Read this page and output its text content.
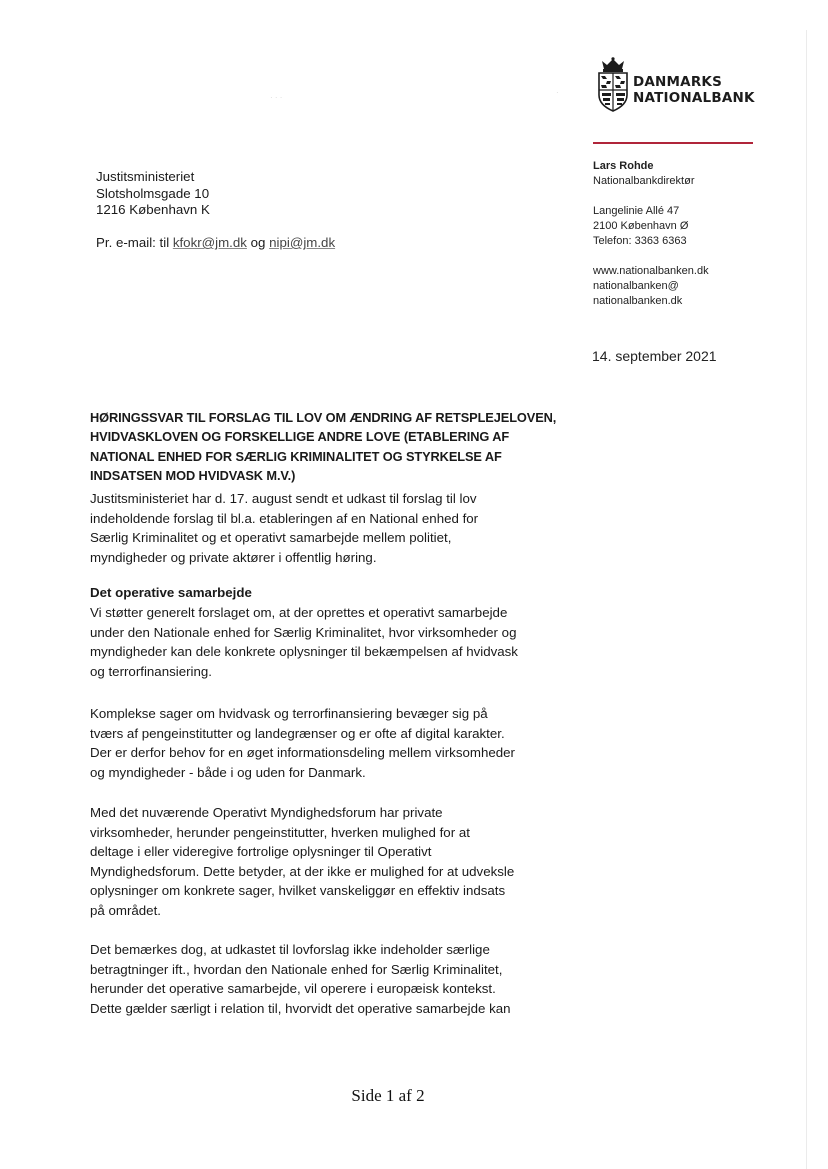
· · ·
·
DANMARKS
NATIONALBANK
Lars Rohde
Nationalbankdirektør
Langelinie Allé 47
2100 København Ø
Telefon: 3363 6363
www.nationalbanken.dk
nationalbanken@
nationalbanken.dk
14. september 2021
Justitsministeriet
Slotsholmsgade 10
1216 København K
Pr. e-mail: til kfokr@jm.dk og nipi@jm.dk
HØRINGSSVAR TIL FORSLAG TIL LOV OM ÆNDRING AF RETSPLEJELOVEN,
HVIDVASKLOVEN OG FORSKELLIGE ANDRE LOVE (ETABLERING AF
NATIONAL ENHED FOR SÆRLIG KRIMINALITET OG STYRKELSE AF
INDSATSEN MOD HVIDVASK M.V.)
Justitsministeriet har d. 17. august sendt et udkast til forslag til lov
indeholdende forslag til bl.a. etableringen af en National enhed for
Særlig Kriminalitet og et operativt samarbejde mellem politiet,
myndigheder og private aktører i offentlig høring.
Det operative samarbejde
Vi støtter generelt forslaget om, at der oprettes et operativt samarbejde
under den Nationale enhed for Særlig Kriminalitet, hvor virksomheder og
myndigheder kan dele konkrete oplysninger til bekæmpelsen af hvidvask
og terrorfinansiering.
Komplekse sager om hvidvask og terrorfinansiering bevæger sig på
tværs af pengeinstitutter og landegrænser og er ofte af digital karakter.
Der er derfor behov for en øget informationsdeling mellem virksomheder
og myndigheder - både i og uden for Danmark.
Med det nuværende Operativt Myndighedsforum har private
virksomheder, herunder pengeinstitutter, hverken mulighed for at
deltage i eller videregive fortrolige oplysninger til Operativt
Myndighedsforum. Dette betyder, at der ikke er mulighed for at udveksle
oplysninger om konkrete sager, hvilket vanskeliggør en effektiv indsats
på området.
Det bemærkes dog, at udkastet til lovforslag ikke indeholder særlige
betragtninger ift., hvordan den Nationale enhed for Særlig Kriminalitet,
herunder det operative samarbejde, vil operere i europæisk kontekst.
Dette gælder særligt i relation til, hvorvidt det operative samarbejde kan
Side 1 af 2
